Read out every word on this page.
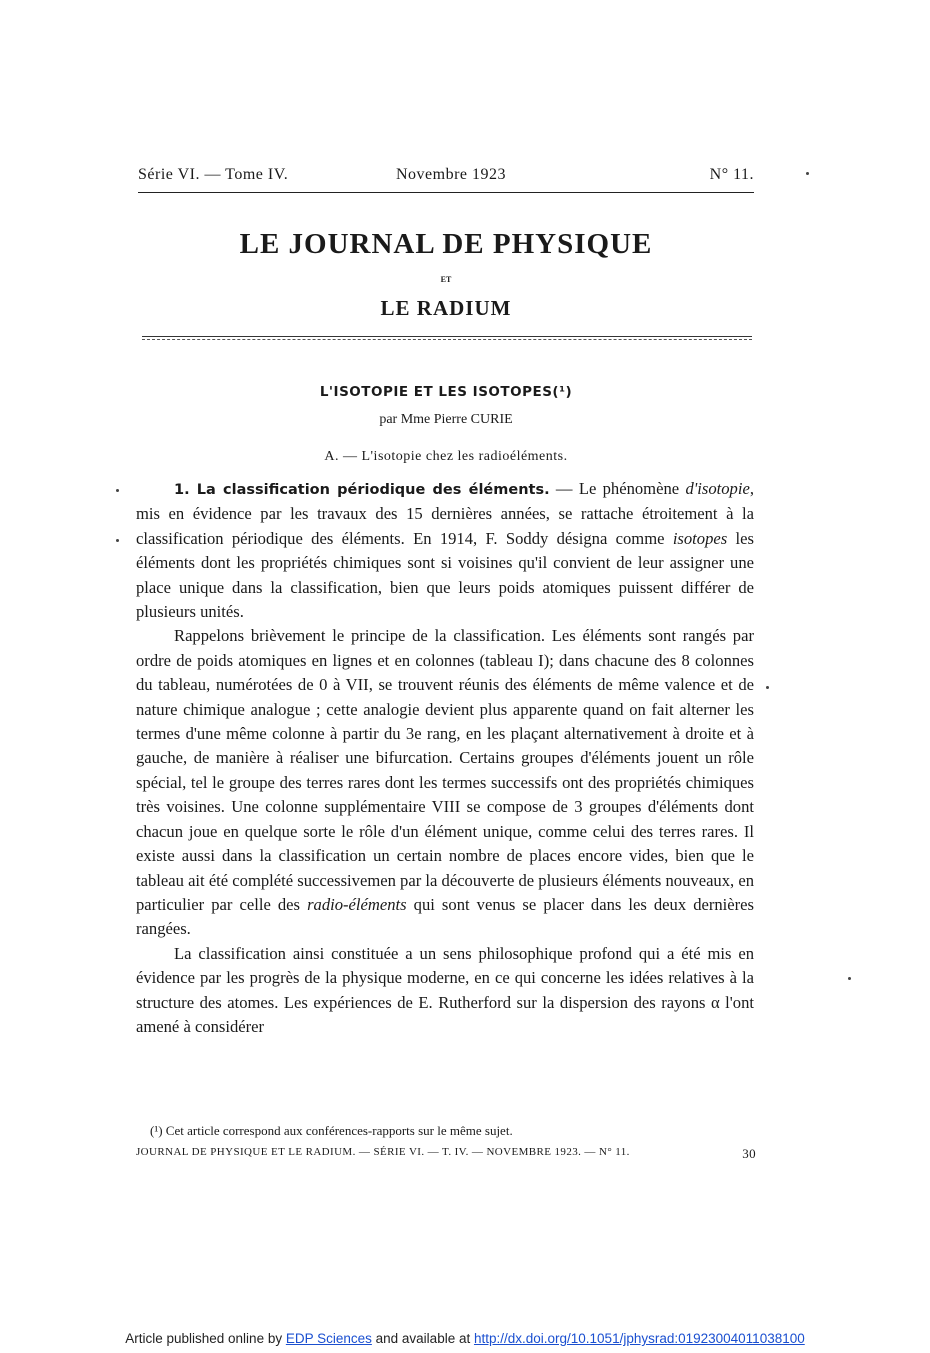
Série VI. — Tome IV.	Novembre 1923	N° 11.
LE JOURNAL DE PHYSIQUE
ET
LE RADIUM
L'ISOTOPIE ET LES ISOTOPES(¹)
par Mme Pierre CURIE
A. — L'isotopie chez les radioéléments.

1. La classification périodique des éléments. — Le phénomène d'isotopie, mis en évidence par les travaux des 15 dernières années, se rattache étroitement à la classification périodique des éléments. En 1914, F. Soddy désigna comme isotopes les éléments dont les propriétés chimiques sont si voisines qu'il convient de leur assigner une place unique dans la classification, bien que leurs poids atomiques puissent différer de plusieurs unités.

Rappelons brièvement le principe de la classification. Les éléments sont rangés par ordre de poids atomiques en lignes et en colonnes (tableau I); dans chacune des 8 colonnes du tableau, numérotées de 0 à VII, se trouvent réunis des éléments de même valence et de nature chimique analogue ; cette analogie devient plus apparente quand on fait alterner les termes d'une même colonne à partir du 3e rang, en les plaçant alternativement à droite et à gauche, de manière à réaliser une bifurcation. Certains groupes d'éléments jouent un rôle spécial, tel le groupe des terres rares dont les termes successifs ont des propriétés chimiques très voisines. Une colonne supplémentaire VIII se compose de 3 groupes d'éléments dont chacun joue en quelque sorte le rôle d'un élément unique, comme celui des terres rares. Il existe aussi dans la classification un certain nombre de places encore vides, bien que le tableau ait été complété successivemen par la découverte de plusieurs éléments nouveaux, en particulier par celle des radio-éléments qui sont venus se placer dans les deux dernières rangées.

La classification ainsi constituée a un sens philosophique profond qui a été mis en évidence par les progrès de la physique moderne, en ce qui concerne les idées relatives à la structure des atomes. Les expériences de E. Rutherford sur la dispersion des rayons α l'ont amené à considérer

(¹) Cet article correspond aux conférences-rapports sur le même sujet.
JOURNAL DE PHYSIQUE ET LE RADIUM. — SÉRIE VI. — T. IV. — NOVEMBRE 1923. — N° 11.	30
Article published online by EDP Sciences and available at http://dx.doi.org/10.1051/jphysrad:01923004011038100
